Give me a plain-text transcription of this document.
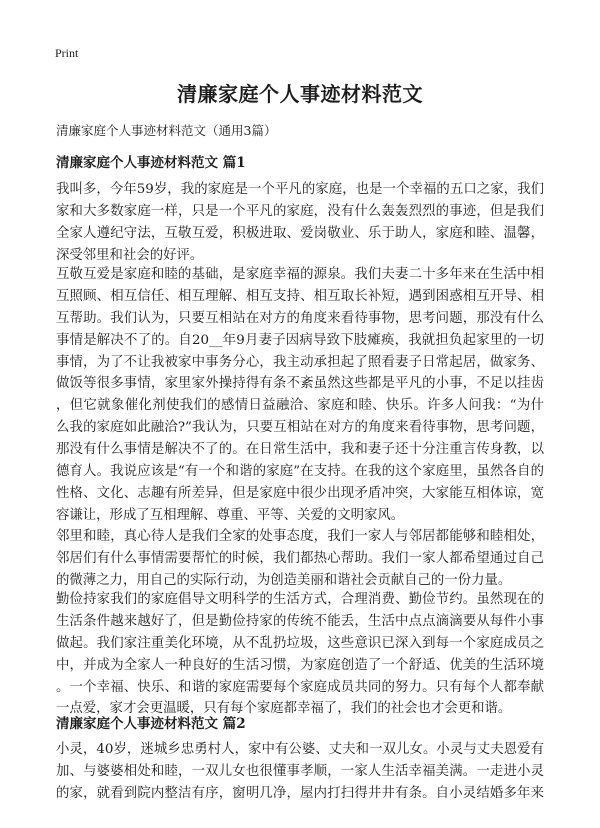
Print
清廉家庭个人事迹材料范文

清廉家庭个人事迹材料范文（通用3篇）

清廉家庭个人事迹材料范文 篇1
我叫多，今年59岁，我的家庭是一个平凡的家庭，也是一个幸福的五口之家，我们
家和大多数家庭一样，只是一个平凡的家庭，没有什么轰轰烈烈的事迹，但是我们
全家人遵纪守法，互敬互爱，积极进取、爱岗敬业、乐于助人，家庭和睦、温馨，
深受邻里和社会的好评。
互敬互爱是家庭和睦的基础，是家庭幸福的源泉。我们夫妻二十多年来在生活中相
互照顾、相互信任、相互理解、相互支持、相互取长补短，遇到困惑相互开导、相
互帮助。我们认为，只要互相站在对方的角度来看待事物，思考问题，那没有什么
事情是解决不了的。自20__年9月妻子因病导致下肢瘫痪，我就担负起家里的一切
事情，为了不让我被家中事务分心，我主动承担起了照看妻子日常起居，做家务、
做饭等很多事情，家里家外操持得有条不紊虽然这些都是平凡的小事，不足以挂齿
，但它就象催化剂使我们的感情日益融洽、家庭和睦、快乐。许多人问我：“为什
么我的家庭如此融洽?”我认为，只要互相站在对方的角度来看待事物，思考问题，
那没有什么事情是解决不了的。在日常生活中，我和妻子还十分注重言传身教，以
德育人。我说应该是“有一个和谐的家庭”在支持。在我的这个家庭里，虽然各自的
性格、文化、志趣有所差异，但是家庭中很少出现矛盾冲突，大家能互相体谅，宽
容谦让，形成了互相理解、尊重、平等、关爱的文明家风。
邻里和睦，真心待人是我们全家的处事态度，我们一家人与邻居都能够和睦相处，
邻居们有什么事情需要帮忙的时候，我们都热心帮助。我们一家人都希望通过自己
的微薄之力，用自己的实际行动，为创造美丽和谐社会贡献自己的一份力量。
勤俭持家我们的家庭倡导文明科学的生活方式，合理消费、勤俭节约。虽然现在的
生活条件越来越好了，但是勤俭持家的传统不能丢，生活中点点滴滴要从每件小事
做起。我们家注重美化环境，从不乱扔垃圾，这些意识已深入到每一个家庭成员之
中，并成为全家人一种良好的生活习惯，为家庭创造了一个舒适、优美的生活环境
。一个幸福、快乐、和谐的家庭需要每个家庭成员共同的努力。只有每个人都奉献
一点爱，家才会更温暖，只有每个家庭都幸福了，我们的社会也才会更和谐。
清廉家庭个人事迹材料范文 篇2
小灵，40岁，迷城乡忠勇村人，家中有公婆、丈夫和一双儿女。小灵与丈夫恩爱有
加、与婆婆相处和睦，一双儿女也很懂事孝顺，一家人生活幸福美满。一走进小灵
的家，就看到院内整洁有序，窗明几净，屋内打扫得井井有条。自小灵结婚多年来
